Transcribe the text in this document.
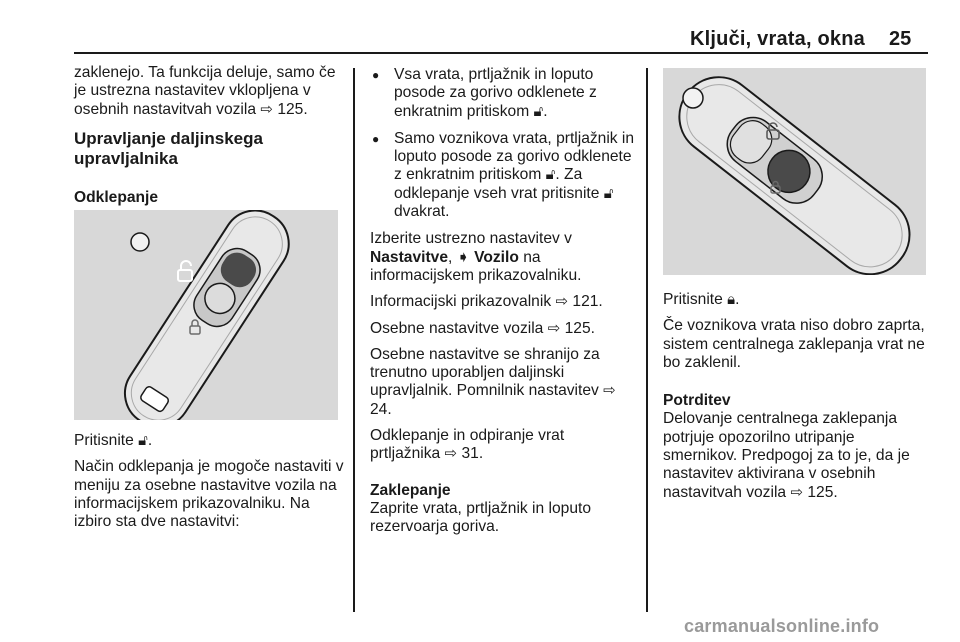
Ključi, vrata, okna 25

zaklenejo. Ta funkcija deluje, samo če je ustrezna nastavitev vklopljena v osebnih nastavitvah vozila ⇨ 125.

Upravljanje daljinskega upravljalnika

Odklepanje

Pritisnite 🔓︎.

Način odklepanja je mogoče nastaviti v meniju za osebne nastavitve vozila na informacijskem prikazovalniku. Na izbiro sta dve nastavitvi:

● Vsa vrata, prtljažnik in loputo posode za gorivo odklenete z enkratnim pritiskom 🔓︎.
● Samo voznikova vrata, prtljažnik in loputo posode za gorivo odklenete z enkratnim pritiskom 🔓︎. Za odklepanje vseh vrat pritisnite 🔓︎ dvakrat.

Izberite ustrezno nastavitev v
Nastavitve, ➧ Vozilo na informacijskem prikazovalniku.

Informacijski prikazovalnik ⇨ 121.

Osebne nastavitve vozila ⇨ 125.

Osebne nastavitve se shranijo za trenutno uporabljen daljinski upravljalnik. Pomnilnik nastavitev ⇨ 24.

Odklepanje in odpiranje vrat prtljažnika ⇨ 31.

Zaklepanje

Zaprite vrata, prtljažnik in loputo rezervoarja goriva.

Pritisnite 🔒︎.

Če voznikova vrata niso dobro zaprta, sistem centralnega zaklepanja vrat ne bo zaklenil.

Potrditev

Delovanje centralnega zaklepanja potrjuje opozorilno utripanje smernikov. Predpogoj za to je, da je nastavitev aktivirana v osebnih nastavitvah vozila ⇨ 125.

carmanualsonline.info
